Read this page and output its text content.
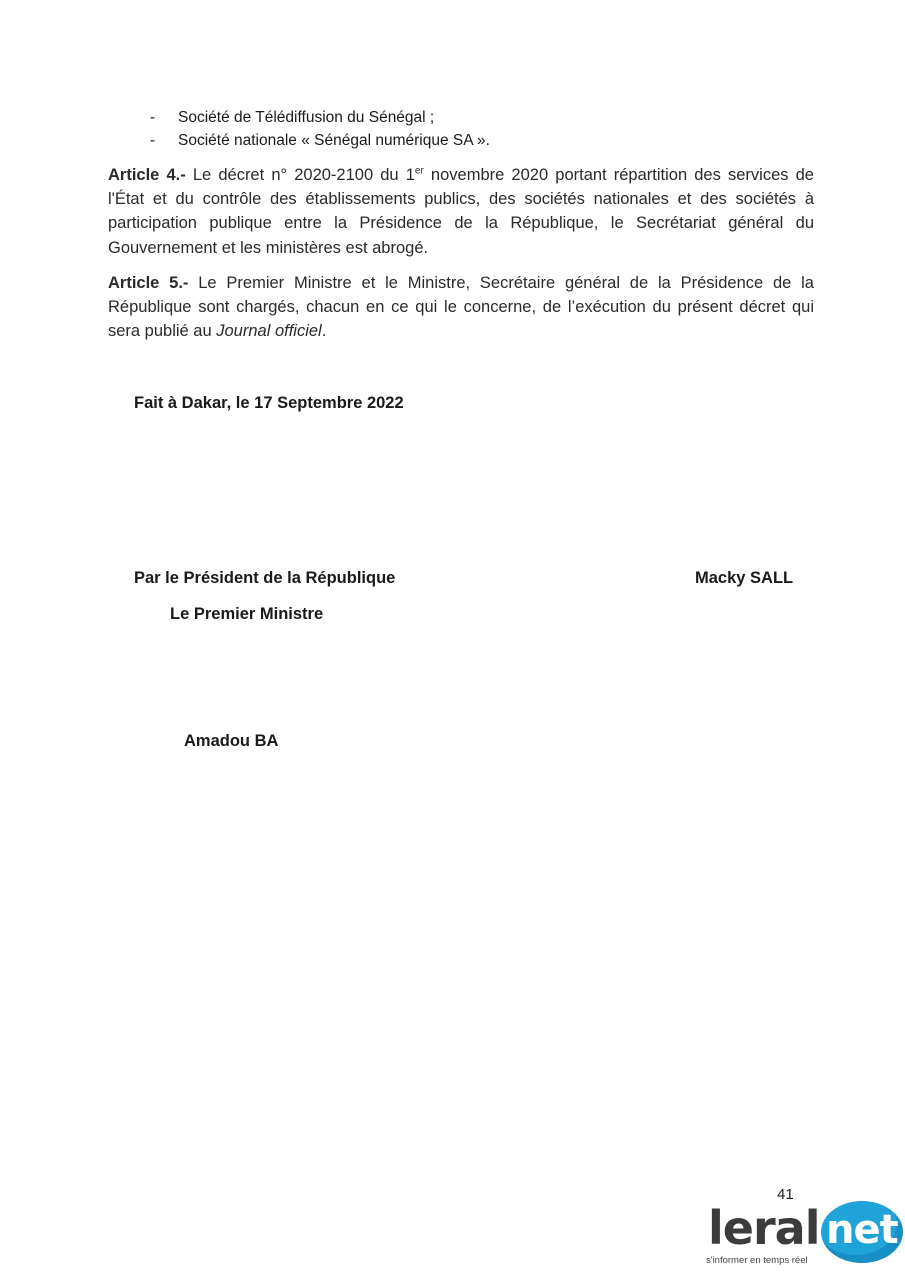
- Société de Télédiffusion du Sénégal ;
- Société nationale « Sénégal numérique SA ».

Article 4.- Le décret n° 2020-2100 du 1er novembre 2020 portant répartition des services de l'État et du contrôle des établissements publics, des sociétés nationales et des sociétés à participation publique entre la Présidence de la République, le Secrétariat général du Gouvernement et les ministères est abrogé.

Article 5.- Le Premier Ministre et le Ministre, Secrétaire général de la Présidence de la République sont chargés, chacun en ce qui le concerne, de l’exécution du présent décret qui sera publié au Journal officiel.

Fait à Dakar, le 17 Septembre 2022

Par le Président de la République	Macky SALL

Le Premier Ministre

Amadou BA

41

leral net

s'informer en temps réel
